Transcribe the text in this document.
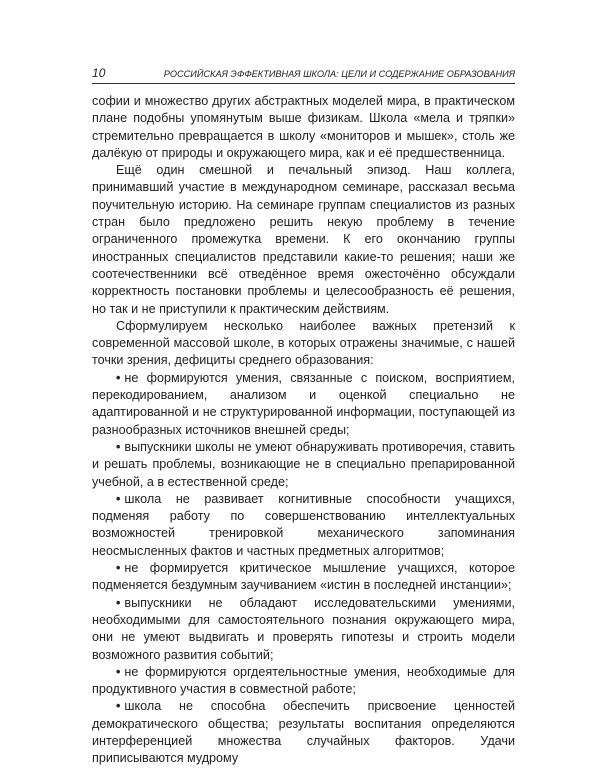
10	РОССИЙСКАЯ ЭФФЕКТИВНАЯ ШКОЛА: ЦЕЛИ И СОДЕРЖАНИЕ ОБРАЗОВАНИЯ

софии и множество других абстрактных моделей мира, в практическом плане подобны упомянутым выше физикам. Школа «мела и тряпки» стремительно превращается в школу «мониторов и мышек», столь же далёкую от природы и окружающего мира, как и её предшественница.

Ещё один смешной и печальный эпизод. Наш коллега, принимавший участие в международном семинаре, рассказал весьма поучительную историю. На семинаре группам специалистов из разных стран было предложено решить некую проблему в течение ограниченного промежутка времени. К его окончанию группы иностранных специалистов представили какие-то решения; наши же соотечественники всё отведённое время ожесточённо обсуждали корректность постановки проблемы и целесообразность её решения, но так и не приступили к практическим действиям.

Сформулируем несколько наиболее важных претензий к современной массовой школе, в которых отражены значимые, с нашей точки зрения, дефициты среднего образования:

• не формируются умения, связанные с поиском, восприятием, перекодированием, анализом и оценкой специально не адаптированной и не структурированной информации, поступающей из разнообразных источников внешней среды;

• выпускники школы не умеют обнаруживать противоречия, ставить и решать проблемы, возникающие не в специально препарированной учебной, а в естественной среде;

• школа не развивает когнитивные способности учащихся, подменяя работу по совершенствованию интеллектуальных возможностей тренировкой механического запоминания неосмысленных фактов и частных предметных алгоритмов;

• не формируется критическое мышление учащихся, которое подменяется бездумным заучиванием «истин в последней инстанции»;

• выпускники не обладают исследовательскими умениями, необходимыми для самостоятельного познания окружающего мира, они не умеют выдвигать и проверять гипотезы и строить модели возможного развития событий;

• не формируются оргдеятельностные умения, необходимые для продуктивного участия в совместной работе;

• школа не способна обеспечить присвоение ценностей демократического общества; результаты воспитания определяются интерференцией множества случайных факторов. Удачи приписываются мудрому
